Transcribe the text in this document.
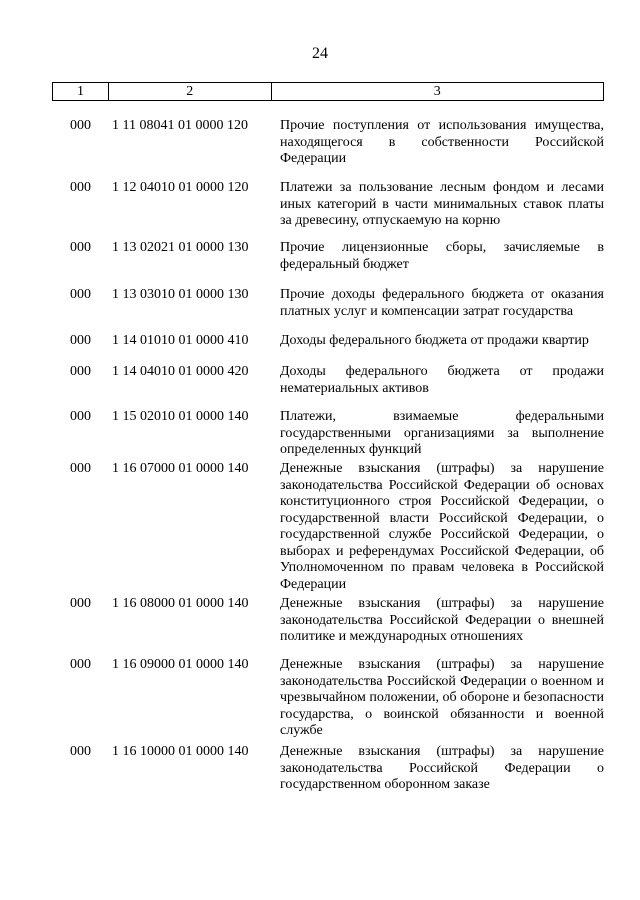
24
1	2	3
000	1 11 08041 01 0000 120	Прочие поступления от использования имущества, находящегося в собственности Российской Федерации
000	1 12 04010 01 0000 120	Платежи за пользование лесным фондом и лесами иных категорий в части минимальных ставок платы за древесину, отпускаемую на корню
000	1 13 02021 01 0000 130	Прочие лицензионные сборы, зачисляемые в федеральный бюджет
000	1 13 03010 01 0000 130	Прочие доходы федерального бюджета от оказания платных услуг и компенсации затрат государства
000	1 14 01010 01 0000 410	Доходы федерального бюджета от продажи квартир
000	1 14 04010 01 0000 420	Доходы федерального бюджета от продажи нематериальных активов
000	1 15 02010 01 0000 140	Платежи, взимаемые федеральными государственными организациями за выполнение определенных функций
000	1 16 07000 01 0000 140	Денежные взыскания (штрафы) за нарушение законодательства Российской Федерации об основах конституционного строя Российской Федерации, о государственной власти Российской Федерации, о государственной службе Российской Федерации, о выборах и референдумах Российской Федерации, об Уполномоченном по правам человека в Российской Федерации
000	1 16 08000 01 0000 140	Денежные взыскания (штрафы) за нарушение законодательства Российской Федерации о внешней политике и международных отношениях
000	1 16 09000 01 0000 140	Денежные взыскания (штрафы) за нарушение законодательства Российской Федерации о военном и чрезвычайном положении, об обороне и безопасности государства, о воинской обязанности и военной службе
000	1 16 10000 01 0000 140	Денежные взыскания (штрафы) за нарушение законодательства Российской Федерации о государственном оборонном заказе
